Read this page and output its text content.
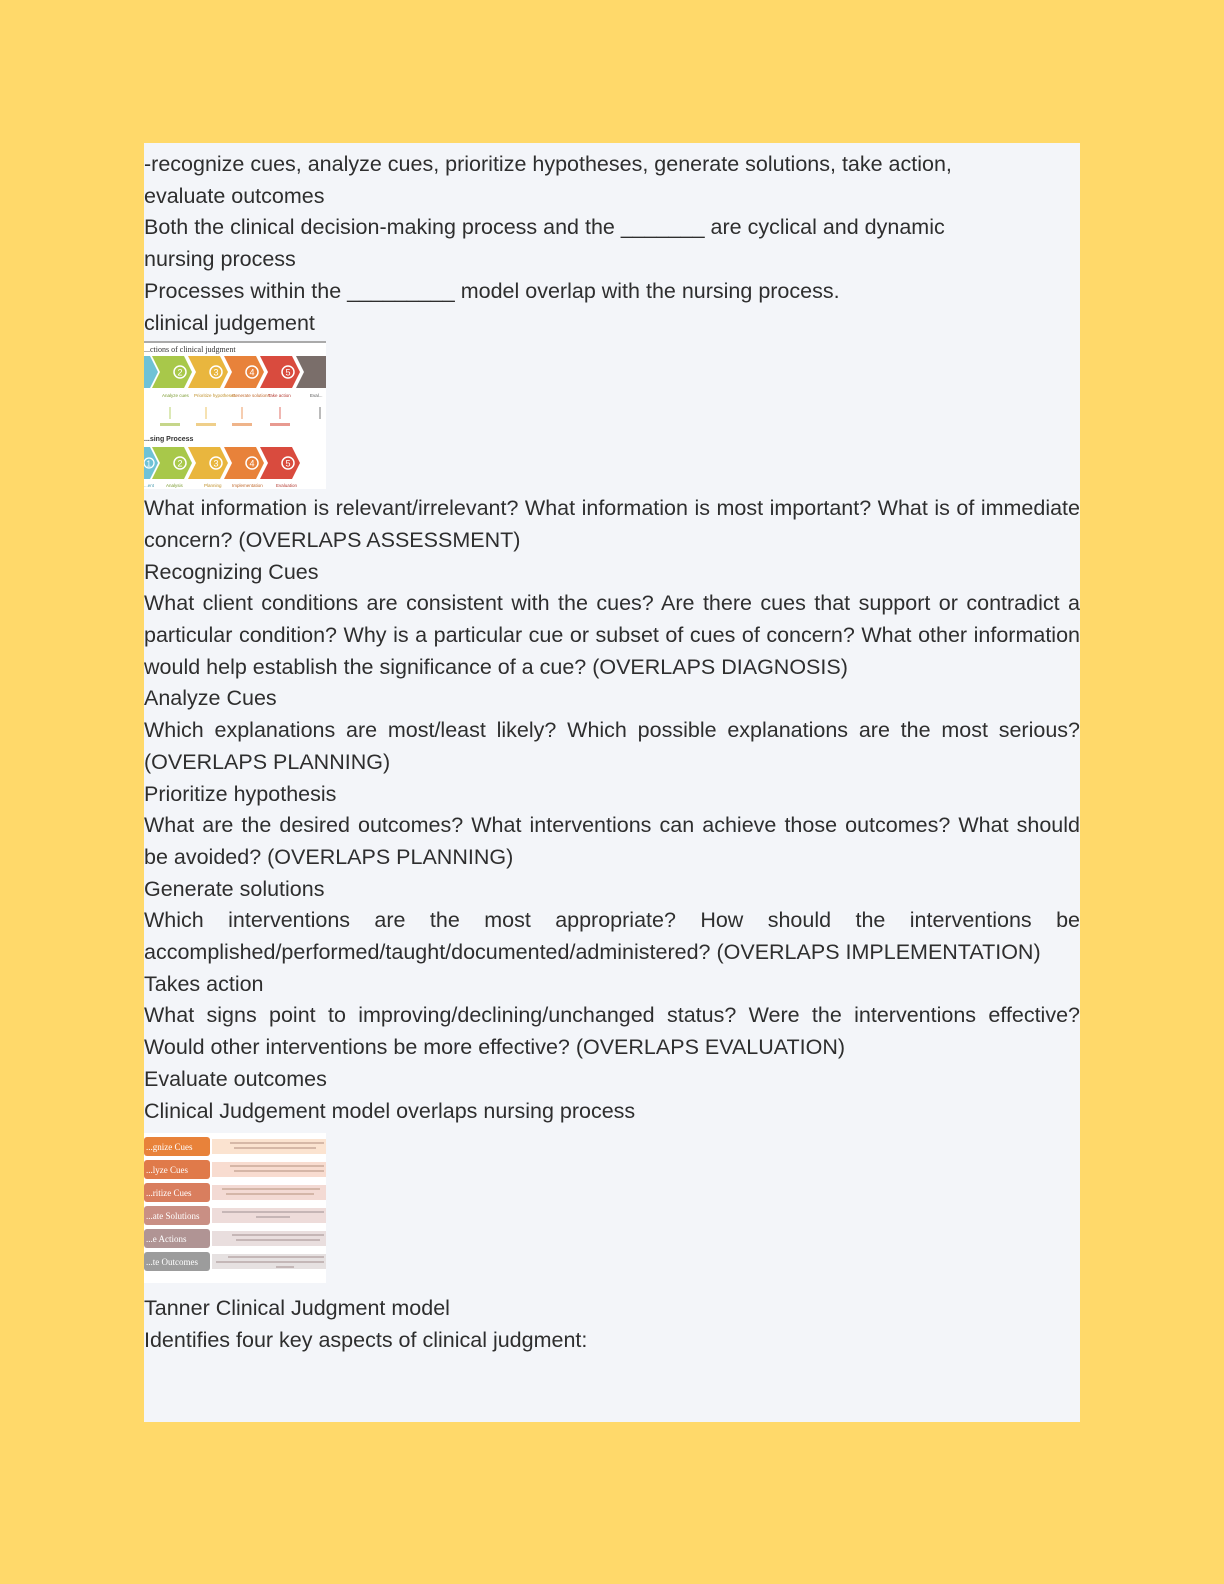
-recognize cues, analyze cues, prioritize hypotheses, generate solutions, take action,

evaluate outcomes

Both the clinical decision-making process and the _______ are cyclical and dynamic

nursing process

Processes within the _________ model overlap with the nursing process.

clinical judgement

...ctions of clinical judgment
2	3	4	5
Analyze cues Prioritize hypotheses
Generate solutions
Take action	Eval...
...sing Process
1	2	3	4	5
...ent	Analysis	Planning Implementation	Evaluation

What information is relevant/irrelevant? What information is most important? What is of immediate concern? (OVERLAPS ASSESSMENT)

Recognizing Cues

What client conditions are consistent with the cues? Are there cues that support or contradict a particular condition? Why is a particular cue or subset of cues of concern? What other information would help establish the significance of a cue? (OVERLAPS DIAGNOSIS)

Analyze Cues

Which explanations are most/least likely? Which possible explanations are the most serious? (OVERLAPS PLANNING)

Prioritize hypothesis

What are the desired outcomes? What interventions can achieve those outcomes? What should be avoided? (OVERLAPS PLANNING)

Generate solutions

Which interventions are the most appropriate? How should the interventions be accomplished/performed/taught/documented/administered? (OVERLAPS IMPLEMENTATION)

Takes action

What signs point to improving/declining/unchanged status? Were the interventions effective? Would other interventions be more effective? (OVERLAPS EVALUATION)

Evaluate outcomes

Clinical Judgement model overlaps nursing process

...gnize Cues
...lyze Cues
...ritize Cues
...ate Solutions
...e Actions
...te Outcomes

Tanner Clinical Judgment model

Identifies four key aspects of clinical judgment:
